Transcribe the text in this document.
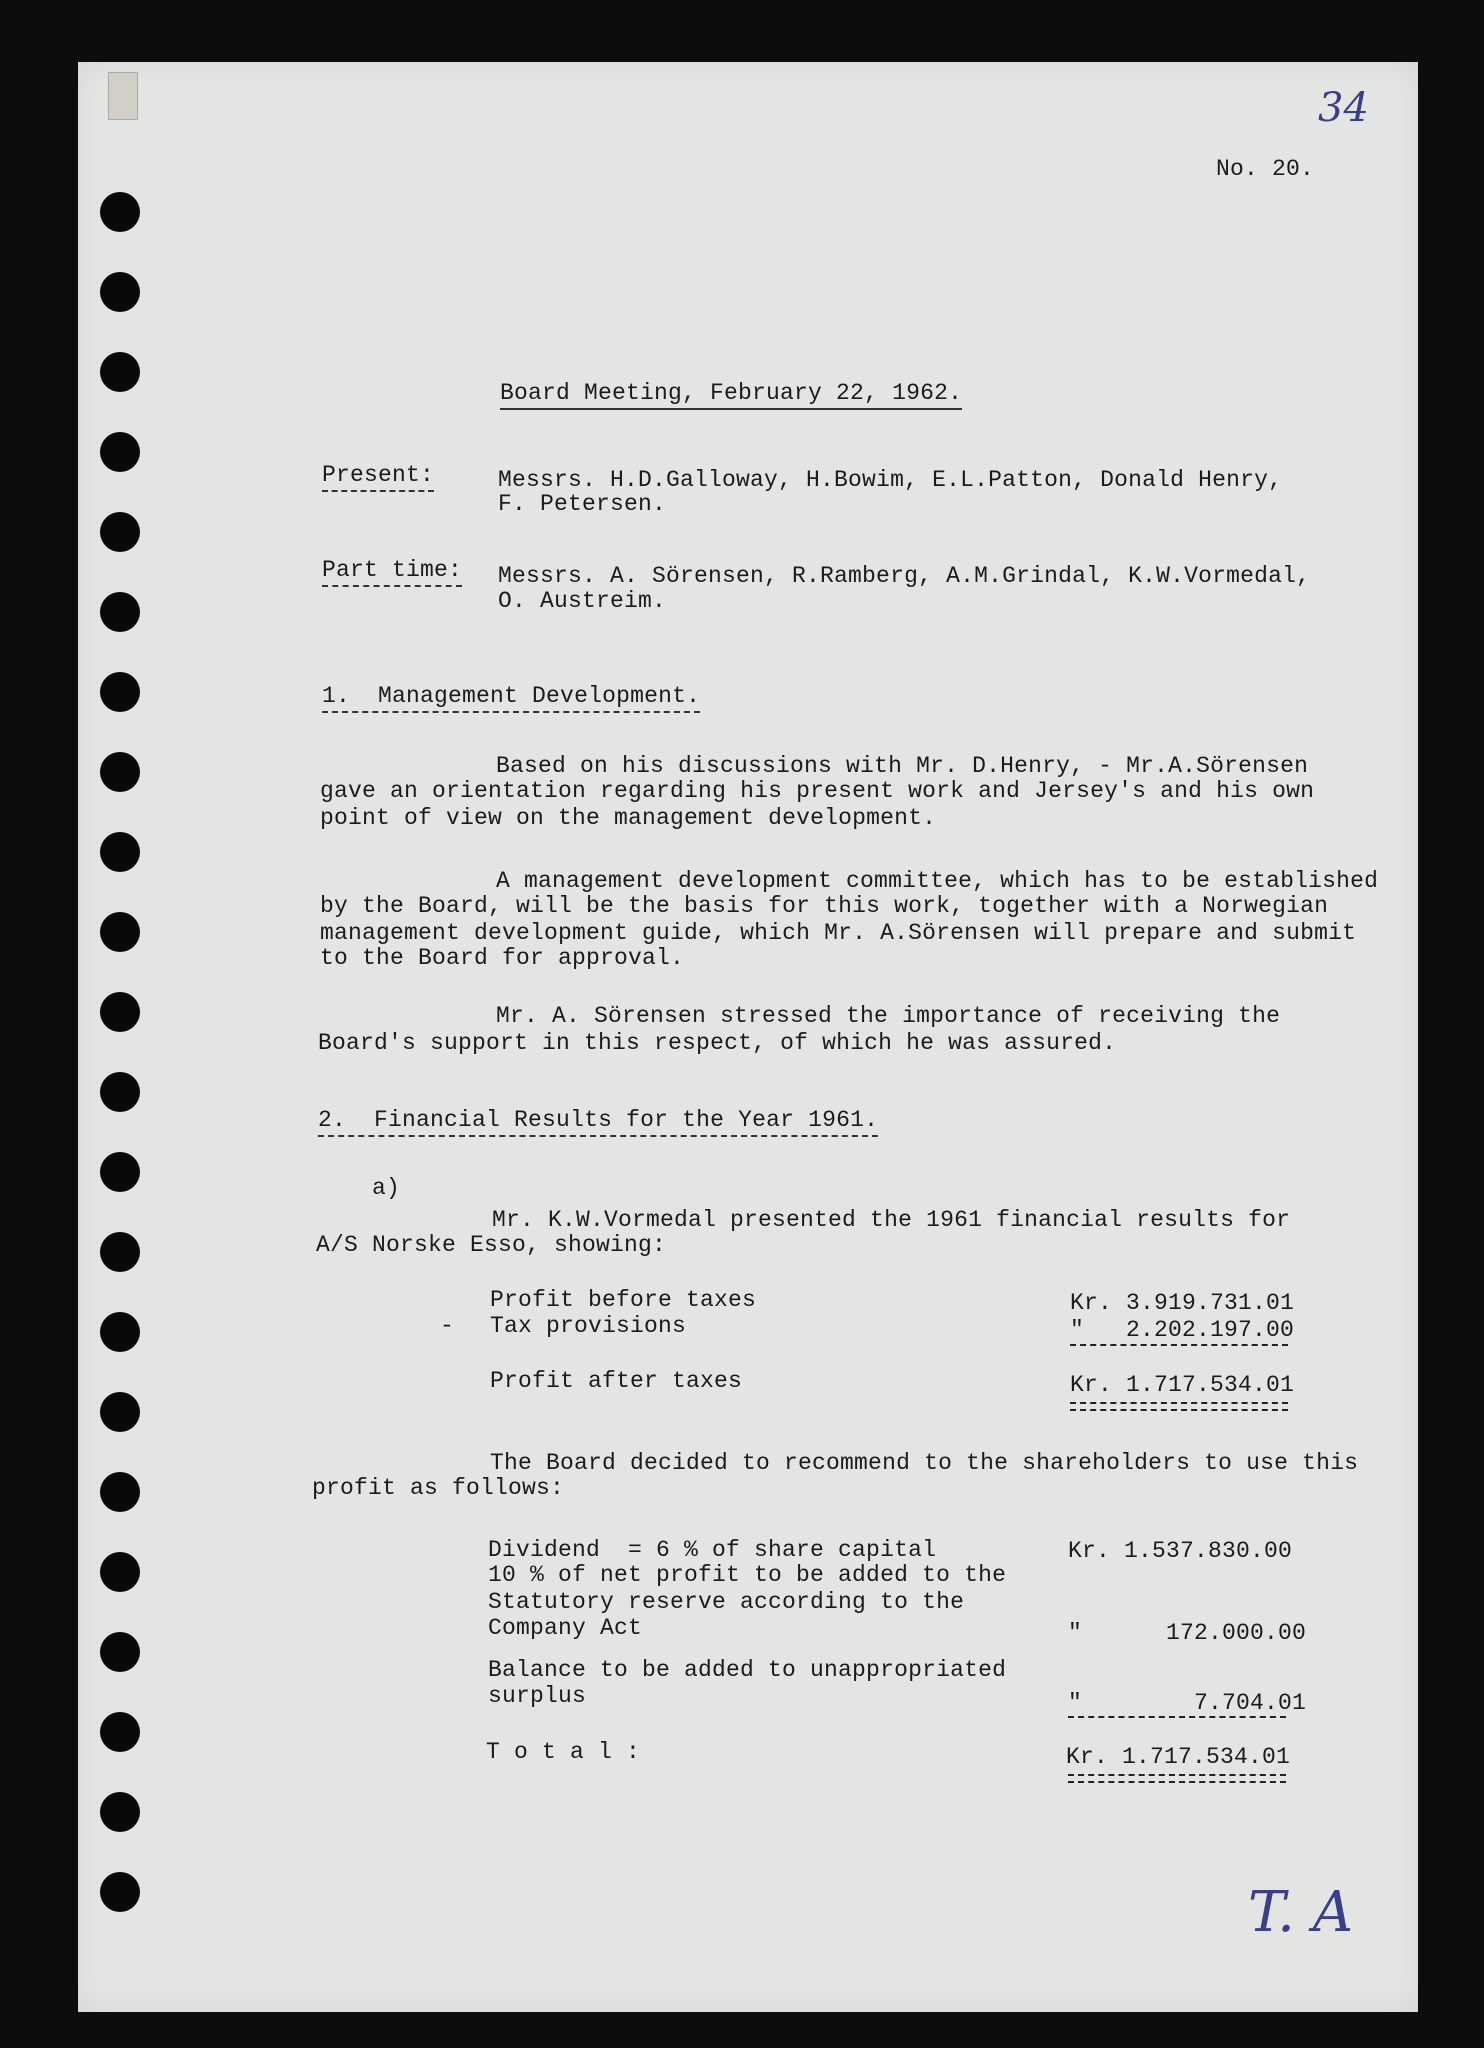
34
No. 20.
Board Meeting, February 22, 1962.
Present:	Messrs. H.D.Galloway, H.Bowim, E.L.Patton, Donald Henry,
F. Petersen.
Part time: Messrs. A. Sörensen, R.Ramberg, A.M.Grindal, K.W.Vormedal,
O. Austreim.
1. Management Development.
Based on his discussions with Mr. D.Henry, - Mr.A.Sörensen
gave an orientation regarding his present work and Jersey's and his own
point of view on the management development.
A management development committee, which has to be established
by the Board, will be the basis for this work, together with a Norwegian
management development guide, which Mr. A.Sörensen will prepare and submit
to the Board for approval.
Mr. A. Sörensen stressed the importance of receiving the
Board's support in this respect, of which he was assured.
2. Financial Results for the Year 1961.
a)
Mr. K.W.Vormedal presented the 1961 financial results for
A/S Norske Esso, showing:
Profit before taxes	Kr. 3.919.731.01
- Tax provisions	"   2.202.197.00
Profit after taxes	Kr. 1.717.534.01
The Board decided to recommend to the shareholders to use this
profit as follows:
Dividend  = 6 % of share capital	Kr. 1.537.830.00
10 % of net profit to be added to the
Statutory reserve according to the
Company Act	"      172.000.00
Balance to be added to unappropriated
surplus	"        7.704.01
T o t a l :	Kr. 1.717.534.01
T. A
